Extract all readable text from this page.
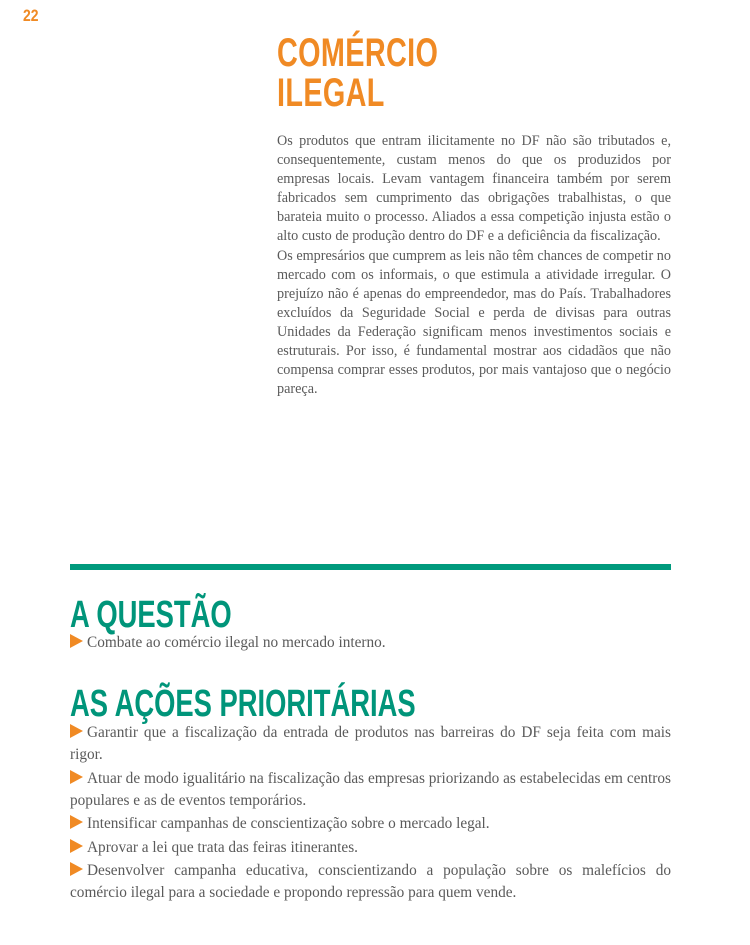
22
COMÉRCIO
ILEGAL

Os produtos que entram ilicitamente no DF não são tributados e, consequentemente, custam menos do que os produzidos por empresas locais. Levam vantagem financeira também por serem fabricados sem cumprimento das obrigações trabalhistas, o que barateia muito o processo. Aliados a essa competição injusta estão o alto custo de produção dentro do DF e a deficiência da fiscalização.

Os empresários que cumprem as leis não têm chances de competir no mercado com os informais, o que estimula a atividade irregular. O prejuízo não é apenas do empreendedor, mas do País. Trabalhadores excluídos da Seguridade Social e perda de divisas para outras Unidades da Federação significam menos investimentos sociais e estruturais. Por isso, é fundamental mostrar aos cidadãos que não compensa comprar esses produtos, por mais vantajoso que o negócio pareça.

A QUESTÃO
Combate ao comércio ilegal no mercado interno.
AS AÇÕES PRIORITÁRIAS
Garantir que a fiscalização da entrada de produtos nas barreiras do DF seja feita com mais rigor.
Atuar de modo igualitário na fiscalização das empresas priorizando as estabelecidas em centros populares e as de eventos temporários.
Intensificar campanhas de conscientização sobre o mercado legal.
Aprovar a lei que trata das feiras itinerantes.
Desenvolver campanha educativa, conscientizando a população sobre os malefícios do comércio ilegal para a sociedade e propondo repressão para quem vende.
